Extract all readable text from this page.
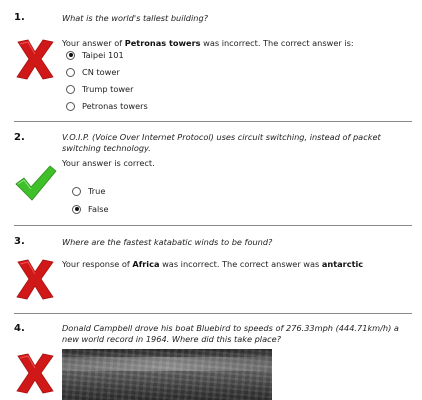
1.	What is the world's tallest building?
Your answer of Petronas towers was incorrect. The correct answer is:
Taipei 101
CN tower
Trump tower
Petronas towers
2.	V.O.I.P. (Voice Over Internet Protocol) uses circuit switching, instead of packet switching technology.
Your answer is correct.
True
False
3.	Where are the fastest katabatic winds to be found?
Your response of Africa was incorrect. The correct answer was antarctic
4.	Donald Campbell drove his boat Bluebird to speeds of 276.33mph (444.71km/h) a new world record in 1964. Where did this take place?
